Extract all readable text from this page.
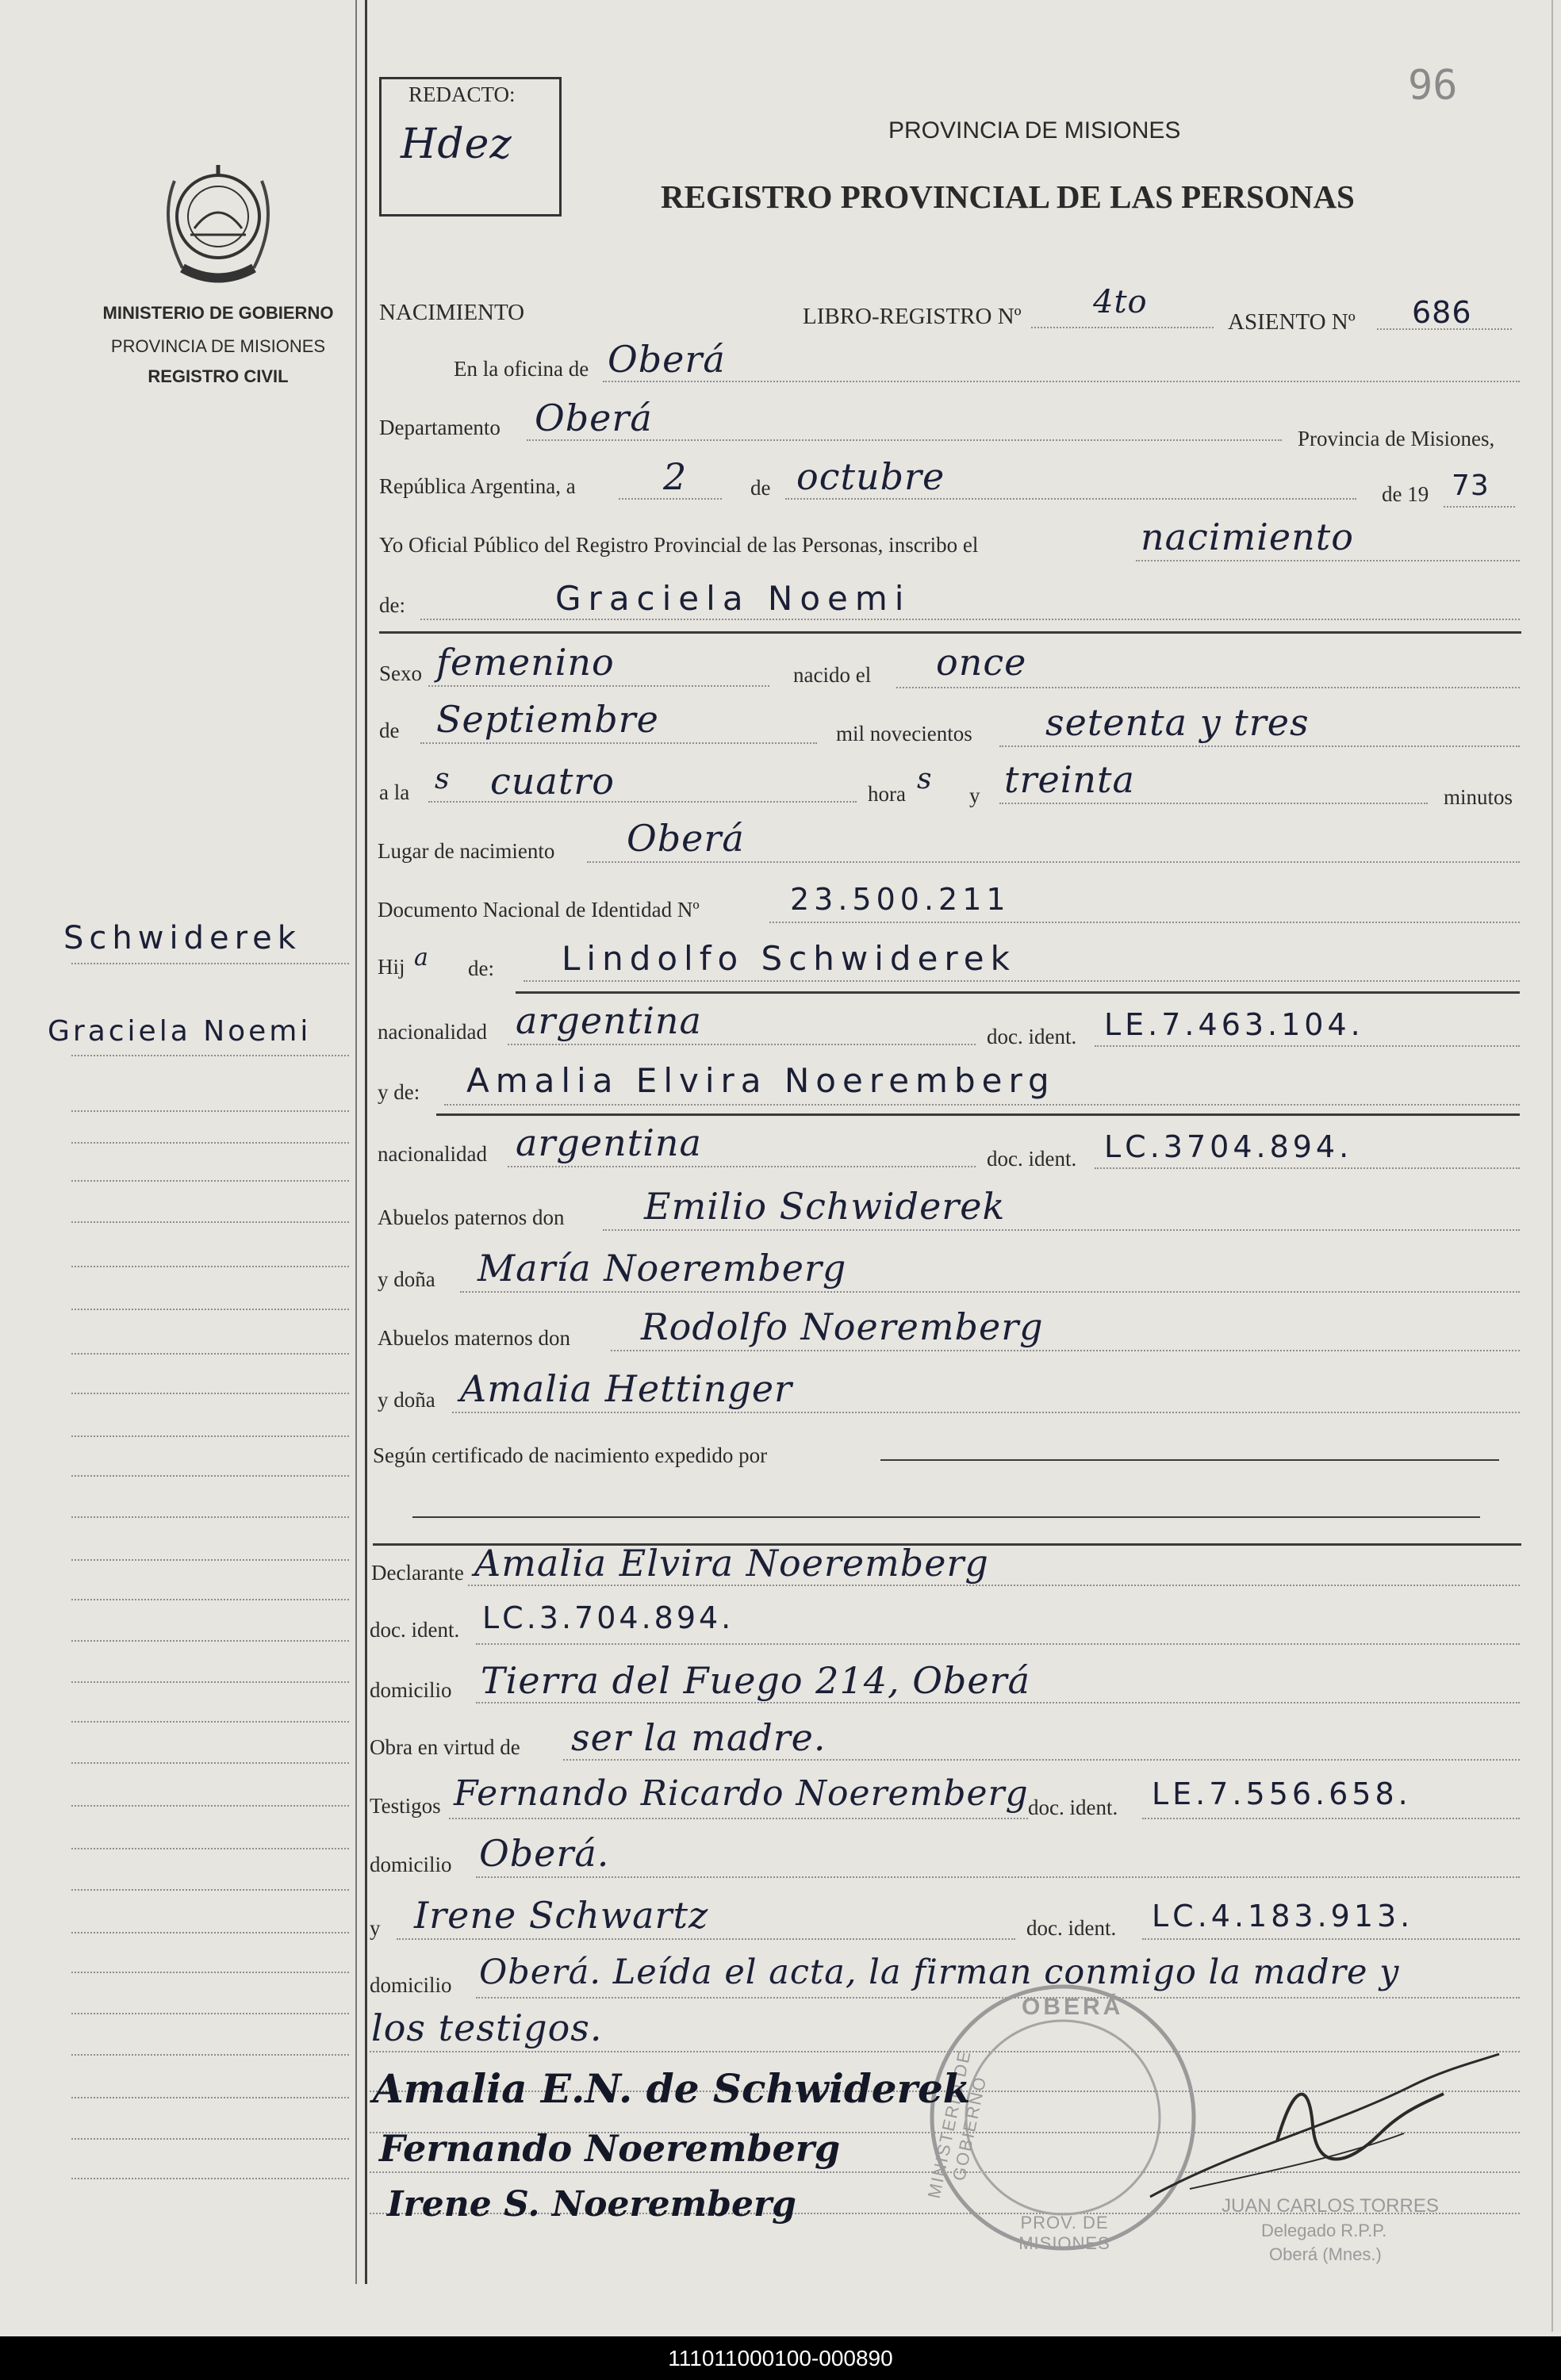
96
REDACTO:
Hdez	PROVINCIA DE MISIONES
REGISTRO PROVINCIAL DE LAS PERSONAS
MINISTERIO DE GOBIERNO
PROVINCIA DE MISIONES
REGISTRO CIVIL
Schwiderek
Graciela Noemi
NACIMIENTO	LIBRO-REGISTRO Nº 4to
ASIENTO Nº 686
En la oficina de Oberá
Departamento Oberá	Provincia de Misiones,
República Argentina, a 2	de octubre	de 19 73
Yo Oficial Público del Registro Provincial de las Personas, inscribo el	nacimiento
de:	Graciela Noemi
Sexo femenino	nacido el once
de Septiembre	mil novecientos setenta y tres
a la s cuatro	hora s y treinta	minutos
Lugar de nacimiento Oberá
Documento Nacional de Identidad Nº	23.500.211
Hij a de: Lindolfo Schwiderek
nacionalidad argentina	doc. ident. LE.7.463.104.
y de: Amalia Elvira Noeremberg
nacionalidad argentina	doc. ident. LC.3704.894.
Abuelos paternos don Emilio Schwiderek
y doña María Noeremberg
Abuelos maternos don Rodolfo Noeremberg
y doña Amalia Hettinger
Según certificado de nacimiento expedido por
Declarante Amalia Elvira Noeremberg
doc. ident. LC.3.704.894.
domicilio Tierra del Fuego 214, Oberá
Obra en virtud de ser la madre.
Testigos Fernando Ricardo Noeremberg doc. ident. LE.7.556.658.
domicilio Oberá.
y Irene Schwartz	doc. ident. LC.4.183.913.
domicilio Oberá. Leída el acta, la firman conmigo la madre y
los testigos.	OBERÁ
MINISTERIO DE GOBIERNO
PROV. DE MISIONES
Amalia E.N. de Schwiderek
Fernando Noeremberg
Irene S. Noeremberg	JUAN CARLOS TORRES
Delegado R.P.P.
Oberá (Mnes.)
111011000100-000890
